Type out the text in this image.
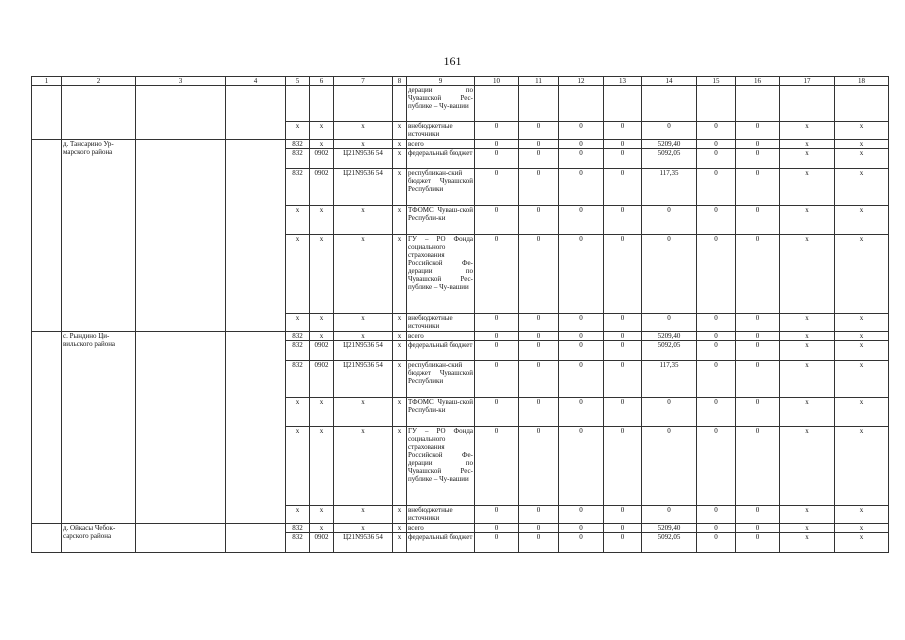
161
1	2	3	4	5	6	7	8	9	10	11	12	13	14	15	16	17	18
								дерации по Чувашской Рес-публике – Чу-вашии									
				х	х	х	х	внебюджетные источники	0	0	0	0	0	0	0	х	х
	д. Тансарино Ур-марского района			832	х	х	х	всего	0	0	0	0	5209,40	0	0	х	х
				832	0902	Ц21N9536 54	х	федеральный бюджет	0	0	0	0	5092,05	0	0	х	х
				832	0902	Ц21N9536 54	х	республикан-ский бюджет Чувашской Республики	0	0	0	0	117,35	0	0	х	х
				х	х	х	х	ТФОМС Чуваш-ской Республи-ки	0	0	0	0	0	0	0	х	х
				х	х	х	х	ГУ – РО Фонда социального страхования Российской Фе-дерации по Чувашской Рес-публике – Чу-вашии	0	0	0	0	0	0	0	х	х
				х	х	х	х	внебюджетные источники	0	0	0	0	0	0	0	х	х
	с. Рындино Ци-вильского района			832	х	х	х	всего	0	0	0	0	5209,40	0	0	х	х
				832	0902	Ц21N9536 54	х	федеральный бюджет	0	0	0	0	5092,05	0	0	х	х
				832	0902	Ц21N9536 54	х	республикан-ский бюджет Чувашской Республики	0	0	0	0	117,35	0	0	х	х
				х	х	х	х	ТФОМС Чуваш-ской Республи-ки	0	0	0	0	0	0	0	х	х
				х	х	х	х	ГУ – РО Фонда социального страхования Российской Фе-дерации по Чувашской Рес-публике – Чу-вашии	0	0	0	0	0	0	0	х	х
				х	х	х	х	внебюджетные источники	0	0	0	0	0	0	0	х	х
	д. Ойкасы Чебок-сарского района			832	х	х	х	всего	0	0	0	0	5209,40	0	0	х	х
				832	0902	Ц21N9536 54	х	федеральный бюджет	0	0	0	0	5092,05	0	0	х	х
